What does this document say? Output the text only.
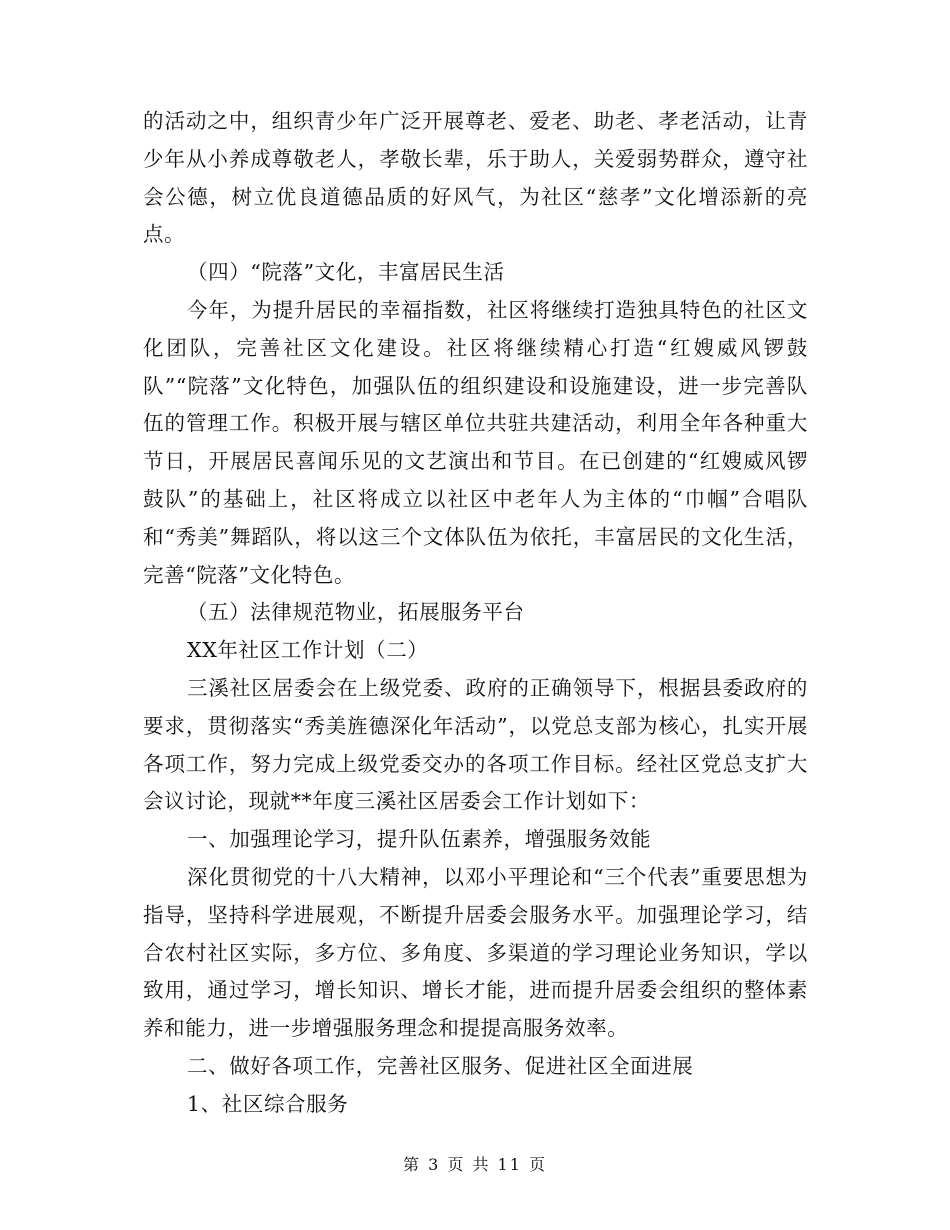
的活动之中，组织青少年广泛开展尊老、爱老、助老、孝老活动，让青少年从小养成尊敬老人，孝敬长辈，乐于助人，关爱弱势群众，遵守社会公德，树立优良道德品质的好风气，为社区“慈孝”文化增添新的亮点。

（四）“院落”文化，丰富居民生活

今年，为提升居民的幸福指数，社区将继续打造独具特色的社区文化团队，完善社区文化建设。社区将继续精心打造“红嫂威风锣鼓队”“院落”文化特色，加强队伍的组织建设和设施建设，进一步完善队伍的管理工作。积极开展与辖区单位共驻共建活动，利用全年各种重大节日，开展居民喜闻乐见的文艺演出和节目。在已创建的“红嫂威风锣鼓队”的基础上，社区将成立以社区中老年人为主体的“巾帼”合唱队和“秀美”舞蹈队，将以这三个文体队伍为依托，丰富居民的文化生活，完善“院落”文化特色。

（五）法律规范物业，拓展服务平台

XX年社区工作计划（二）

三溪社区居委会在上级党委、政府的正确领导下，根据县委政府的要求，贯彻落实“秀美旌德深化年活动”，以党总支部为核心，扎实开展各项工作，努力完成上级党委交办的各项工作目标。经社区党总支扩大会议讨论，现就**年度三溪社区居委会工作计划如下：

一、加强理论学习，提升队伍素养，增强服务效能

深化贯彻党的十八大精神，以邓小平理论和“三个代表”重要思想为指导，坚持科学进展观，不断提升居委会服务水平。加强理论学习，结合农村社区实际，多方位、多角度、多渠道的学习理论业务知识，学以致用，通过学习，增长知识、增长才能，进而提升居委会组织的整体素养和能力，进一步增强服务理念和提提高服务效率。

二、做好各项工作，完善社区服务、促进社区全面进展

1、社区综合服务

第 3 页 共 11 页
